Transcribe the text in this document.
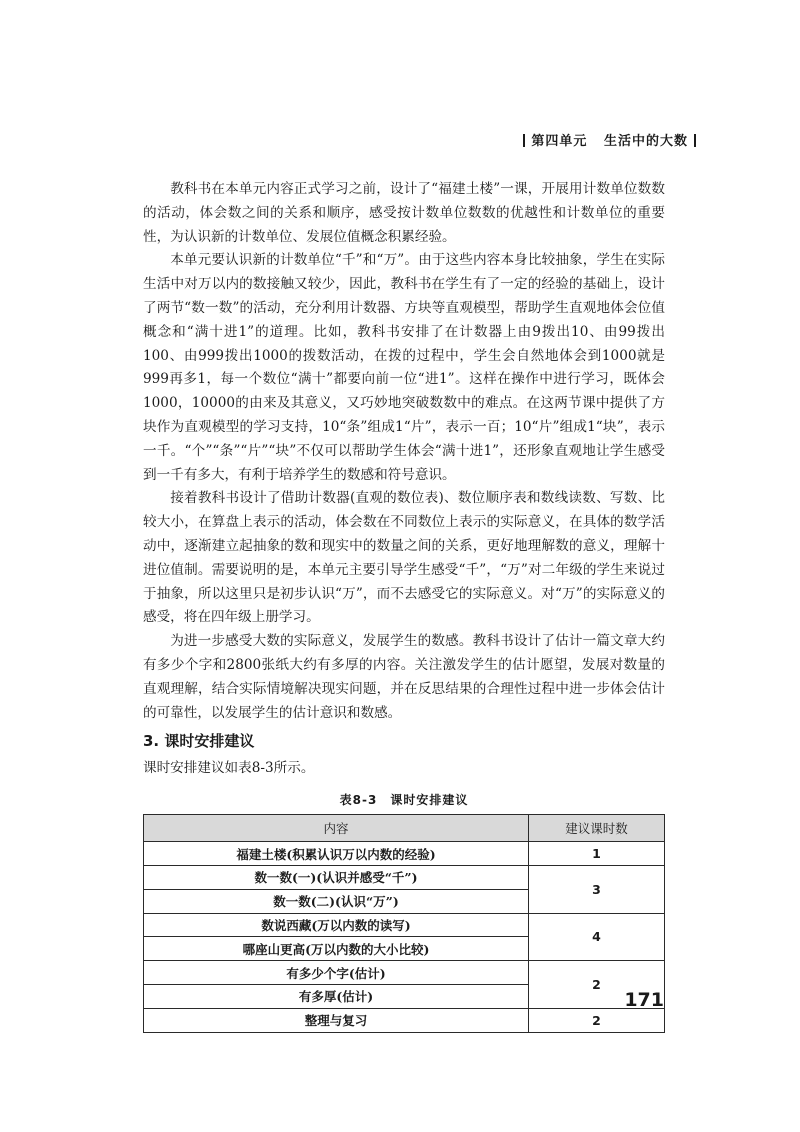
第四单元 生活中的大数

教科书在本单元内容正式学习之前，设计了“福建土楼”一课，开展用计数单位数数的活动，体会数之间的关系和顺序，感受按计数单位数数的优越性和计数单位的重要性，为认识新的计数单位、发展位值概念积累经验。

本单元要认识新的计数单位“千”和“万”。由于这些内容本身比较抽象，学生在实际生活中对万以内的数接触又较少，因此，教科书在学生有了一定的经验的基础上，设计了两节“数一数”的活动，充分利用计数器、方块等直观模型，帮助学生直观地体会位值概念和“满十进1”的道理。比如，教科书安排了在计数器上由9拨出10、由99拨出100、由999拨出1000的拨数活动，在拨的过程中，学生会自然地体会到1000就是999再多1，每一个数位“满十”都要向前一位“进1”。这样在操作中进行学习，既体会1000，10000的由来及其意义，又巧妙地突破数数中的难点。在这两节课中提供了方块作为直观模型的学习支持，10“条”组成1“片”，表示一百；10“片”组成1“块”，表示一千。“个”“条”“片”“块”不仅可以帮助学生体会“满十进1”，还形象直观地让学生感受到一千有多大，有利于培养学生的数感和符号意识。

接着教科书设计了借助计数器(直观的数位表)、数位顺序表和数线读数、写数、比较大小，在算盘上表示的活动，体会数在不同数位上表示的实际意义，在具体的数学活动中，逐渐建立起抽象的数和现实中的数量之间的关系，更好地理解数的意义，理解十进位值制。需要说明的是，本单元主要引导学生感受“千”，“万”对二年级的学生来说过于抽象，所以这里只是初步认识“万”，而不去感受它的实际意义。对“万”的实际意义的感受，将在四年级上册学习。

为进一步感受大数的实际意义，发展学生的数感。教科书设计了估计一篇文章大约有多少个字和2800张纸大约有多厚的内容。关注激发学生的估计愿望，发展对数量的直观理解，结合实际情境解决现实问题，并在反思结果的合理性过程中进一步体会估计的可靠性，以发展学生的估计意识和数感。

3. 课时安排建议
课时安排建议如表8-3所示。
表8-3　课时安排建议
内容	建议课时数
福建土楼(积累认识万以内数的经验)	1
数一数(一)(认识并感受“千”)	3
数一数(二)(认识“万”)	
数说西藏(万以内数的读写)	4
哪座山更高(万以内数的大小比较)	
有多少个字(估计)	2
有多厚(估计)	
整理与复习	2
171
